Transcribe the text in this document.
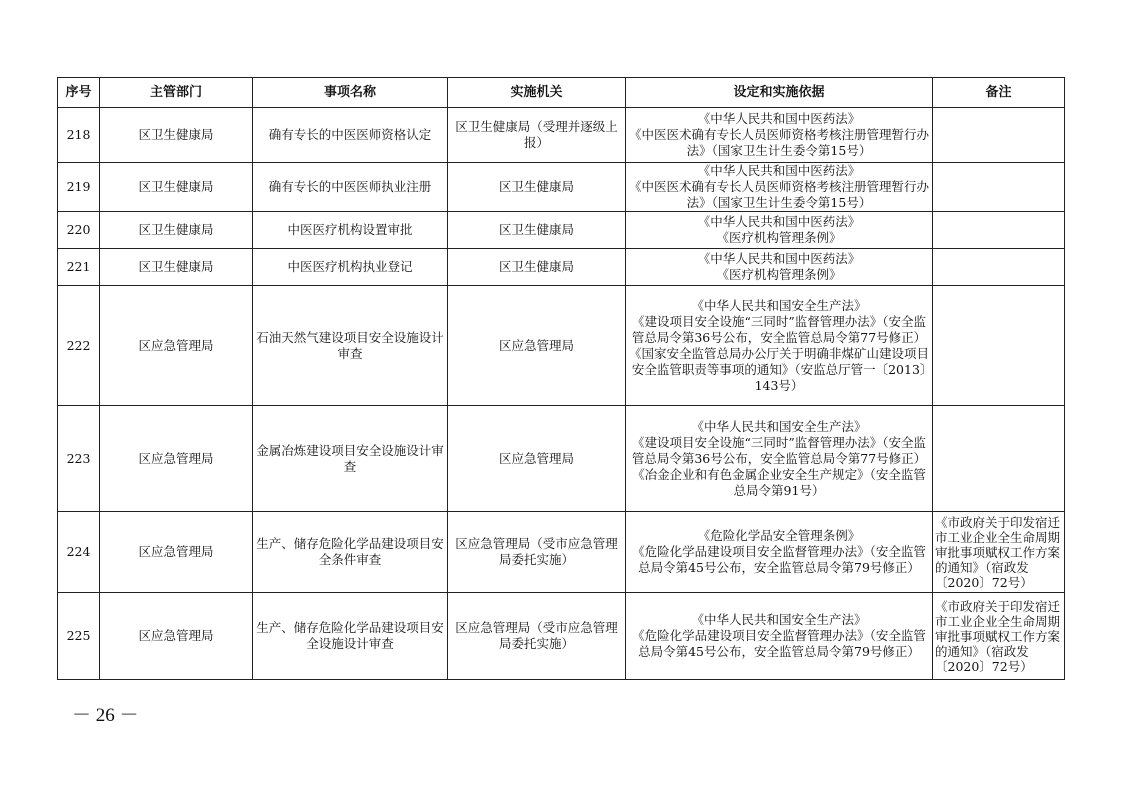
序号	主管部门	事项名称	实施机关	设定和实施依据	备注
218	区卫生健康局	确有专长的中医医师资格认定	区卫生健康局（受理并逐级上报）	《中华人民共和国中医药法》
《中医医术确有专长人员医师资格考核注册管理暂行办法》（国家卫生计生委令第15号）	

219	区卫生健康局	确有专长的中医医师执业注册	区卫生健康局	《中华人民共和国中医药法》
《中医医术确有专长人员医师资格考核注册管理暂行办法》（国家卫生计生委令第15号）	

220	区卫生健康局	中医医疗机构设置审批	区卫生健康局	《中华人民共和国中医药法》
《医疗机构管理条例》	

221	区卫生健康局	中医医疗机构执业登记	区卫生健康局	《中华人民共和国中医药法》
《医疗机构管理条例》	

222	区应急管理局	石油天然气建设项目安全设施设计审查	区应急管理局	《中华人民共和国安全生产法》
《建设项目安全设施“三同时”监督管理办法》（安全监管总局令第36号公布，安全监管总局令第77号修正）
《国家安全监管总局办公厅关于明确非煤矿山建设项目安全监管职责等事项的通知》（安监总厅管一〔2013〕143号）	

223	区应急管理局	金属冶炼建设项目安全设施设计审查	区应急管理局	《中华人民共和国安全生产法》
《建设项目安全设施“三同时”监督管理办法》（安全监管总局令第36号公布，安全监管总局令第77号修正）
《冶金企业和有色金属企业安全生产规定》（安全监管总局令第91号）	

224	区应急管理局	生产、储存危险化学品建设项目安全条件审查	区应急管理局（受市应急管理局委托实施）	《危险化学品安全管理条例》
《危险化学品建设项目安全监督管理办法》（安全监管总局令第45号公布，安全监管总局令第79号修正）	《市政府关于印发宿迁市工业企业全生命周期审批事项赋权工作方案的通知》（宿政发〔2020〕72号）
225	区应急管理局	生产、储存危险化学品建设项目安全设施设计审查	区应急管理局（受市应急管理局委托实施）	《中华人民共和国安全生产法》
《危险化学品建设项目安全监督管理办法》（安全监管总局令第45号公布，安全监管总局令第79号修正）	《市政府关于印发宿迁市工业企业全生命周期审批事项赋权工作方案的通知》（宿政发〔2020〕72号）
－ 26 －
